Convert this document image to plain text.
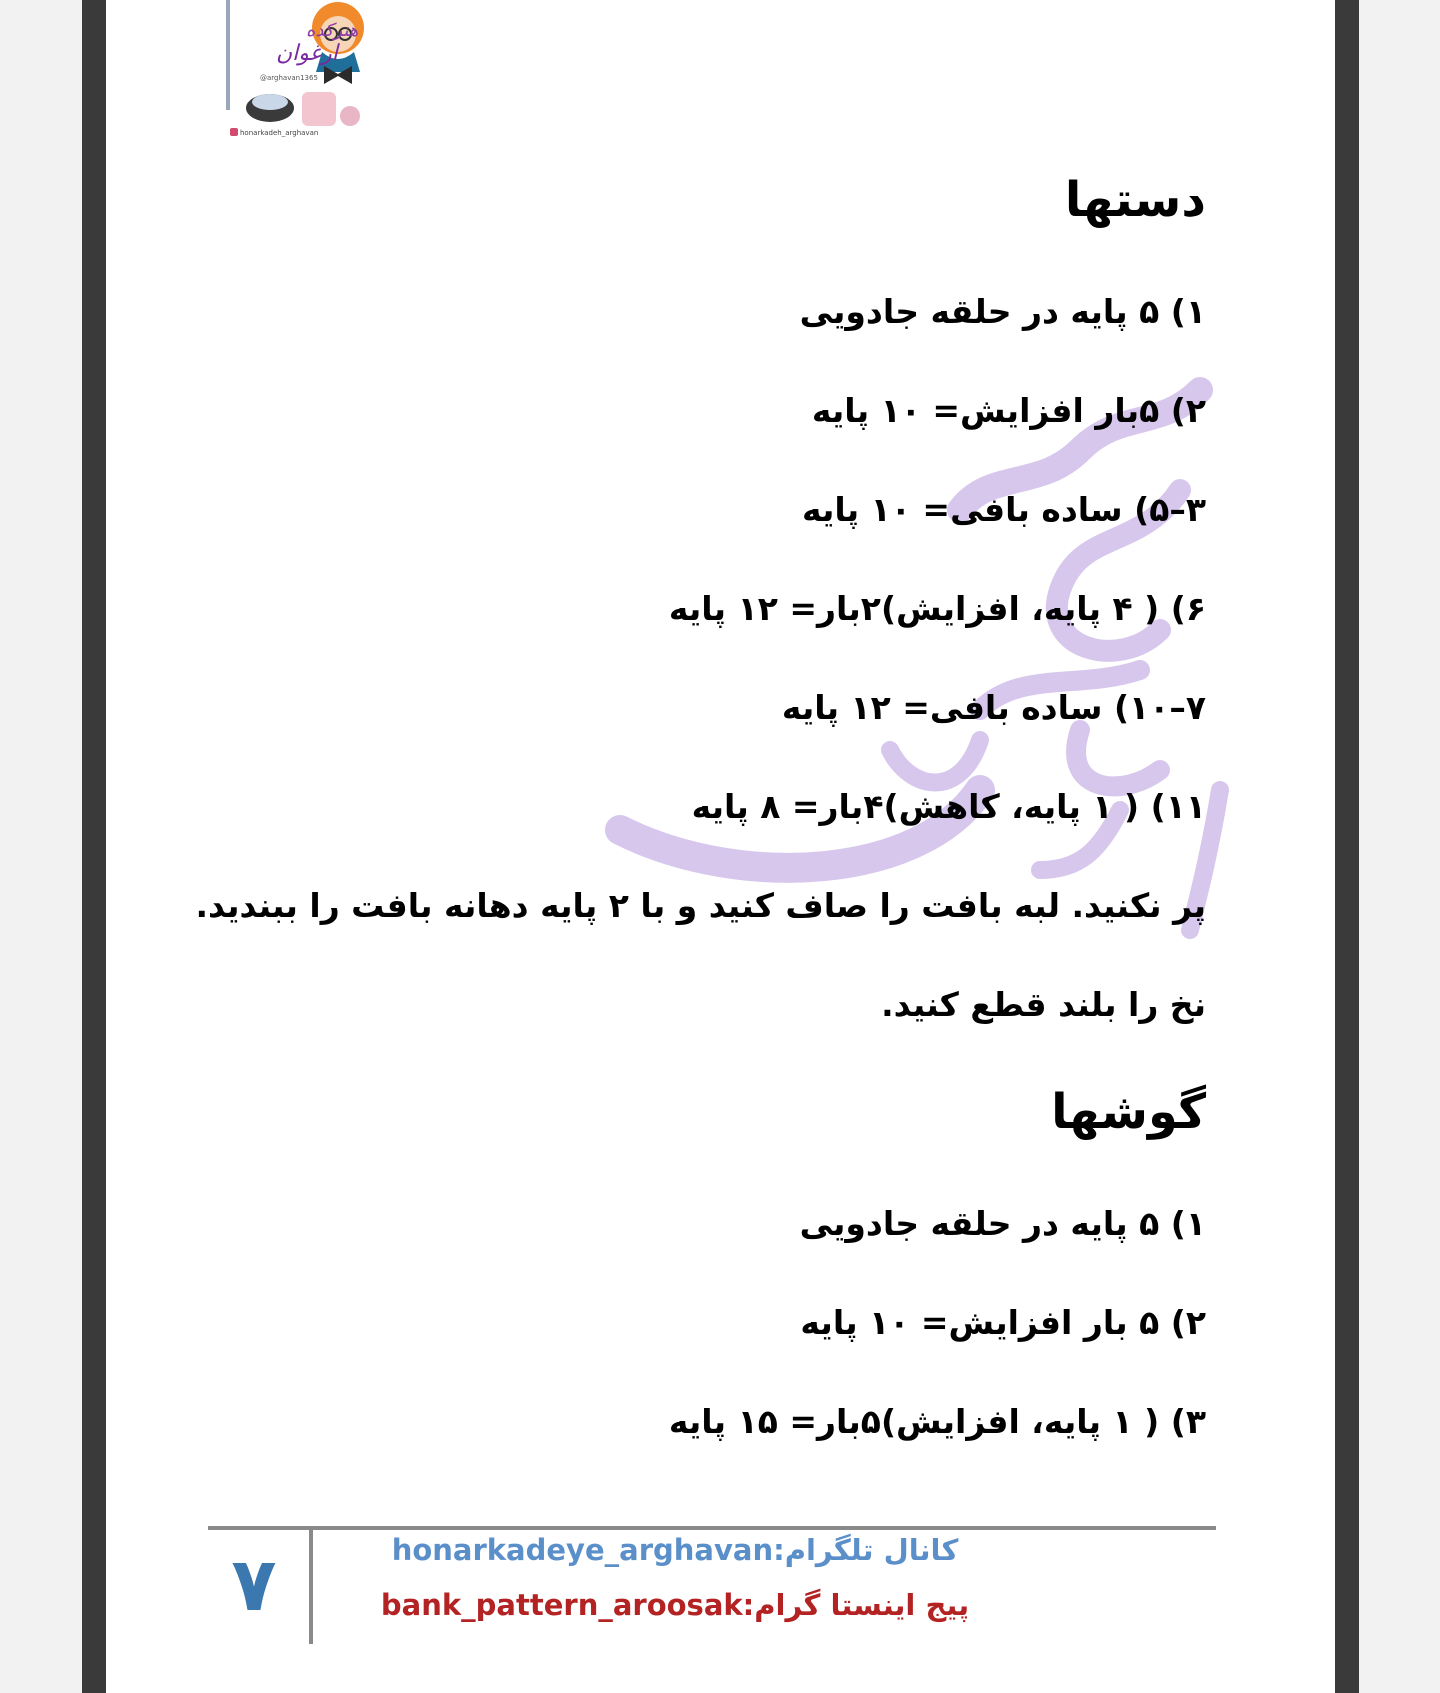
هنرکده
ارغوان
@arghavan1365
honarkadeh_arghavan
دستها
۱) ۵ پایه در حلقه جادویی
۲) ۵بار افزایش= ۱۰ پایه
۳–۵) ساده بافی= ۱۰ پایه
۶) ( ۴ پایه، افزایش)۲بار= ۱۲ پایه
۷–۱۰) ساده بافی= ۱۲ پایه
۱۱) ( ۱ پایه، کاهش)۴بار= ۸ پایه
پر نکنید. لبه بافت را صاف کنید و با ۲ پایه دهانه بافت را ببندید.
نخ را بلند قطع کنید.
گوشها
۱) ۵ پایه در حلقه جادویی
۲) ۵ بار افزایش= ۱۰ پایه
۳) ( ۱ پایه، افزایش)۵بار= ۱۵ پایه
۷	کانال تلگرام:honarkadeye_arghavan
پیج اینستا گرام:bank_pattern_aroosak
